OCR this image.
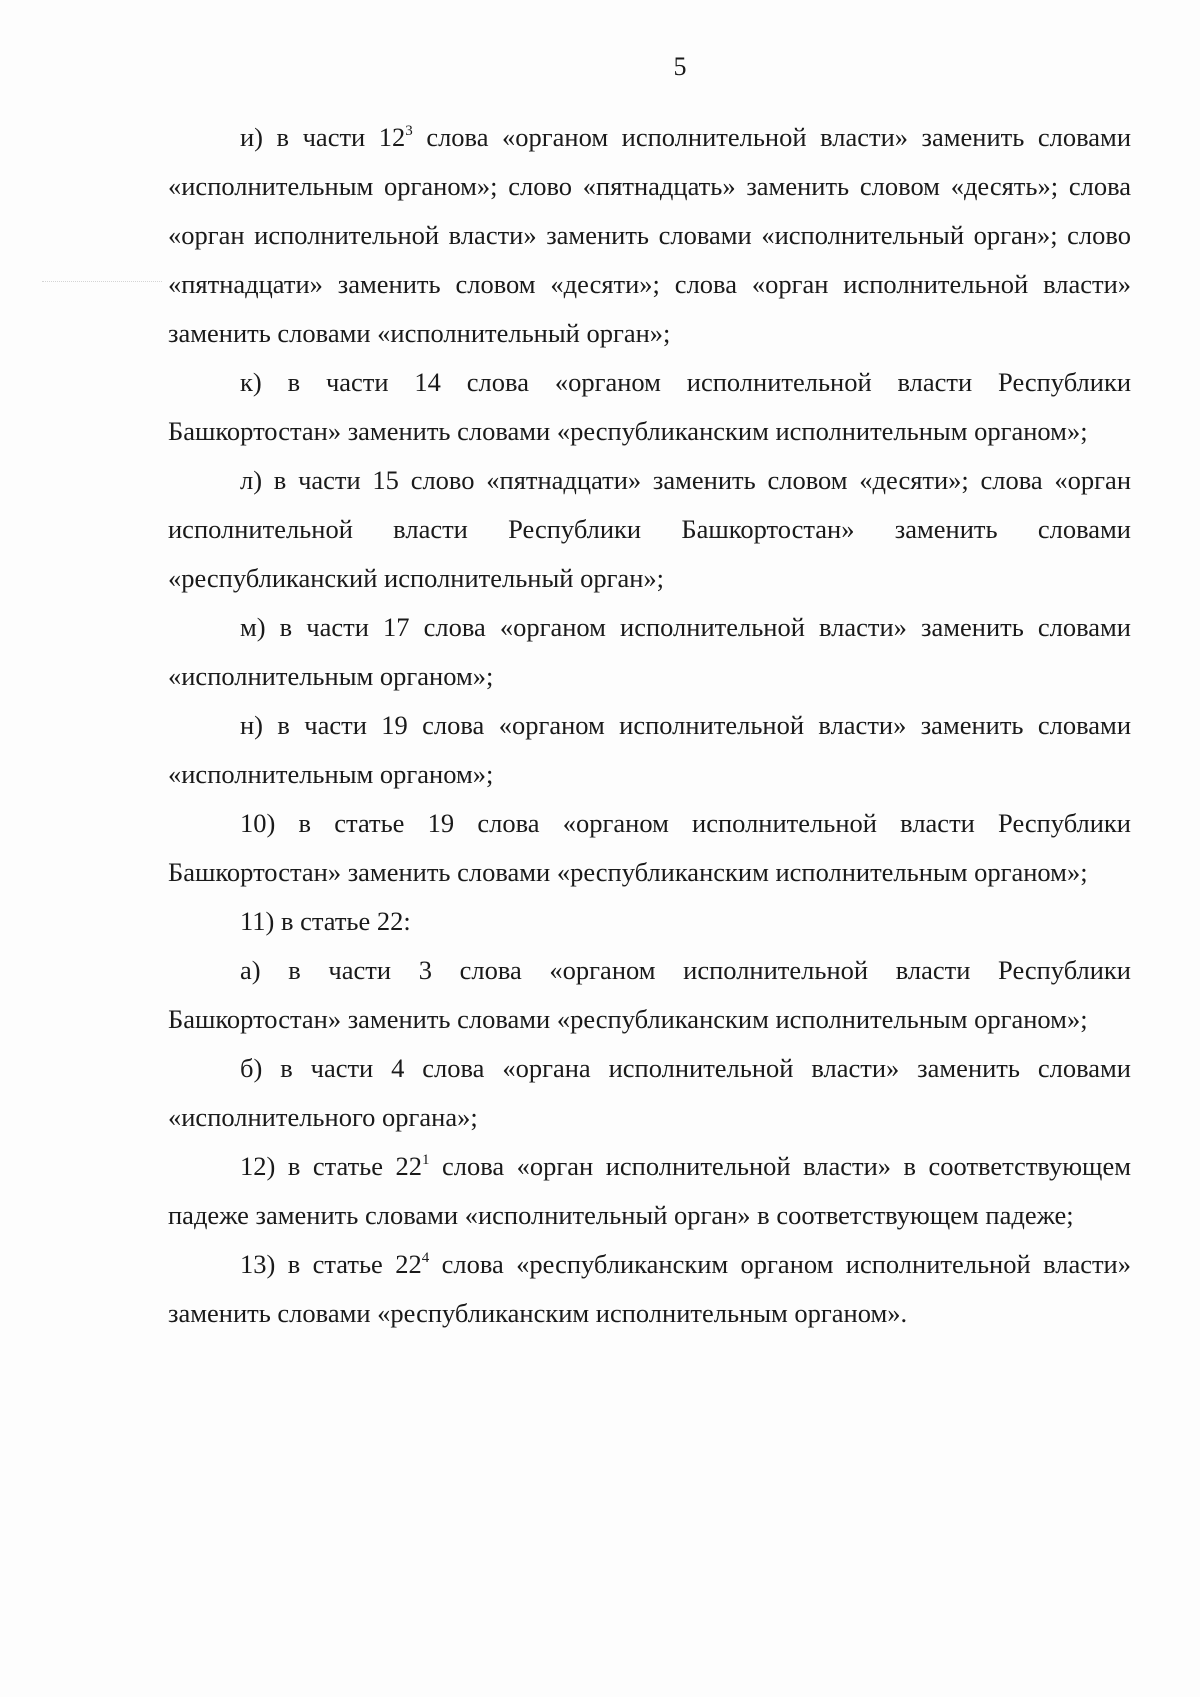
5

и) в части $12^3$ слова «органом исполнительной власти» заменить словами «исполнительным органом»; слово «пятнадцать» заменить словом «десять»; слова «орган исполнительной власти» заменить словами «исполнительный орган»; слово «пятнадцати» заменить словом «десяти»; слова «орган исполнительной власти» заменить словами «исполнительный орган»;

к) в части 14 слова «органом исполнительной власти Республики Башкортостан» заменить словами «республиканским исполнительным органом»;

л) в части 15 слово «пятнадцати» заменить словом «десяти»; слова «орган исполнительной власти Республики Башкортостан» заменить словами «республиканский исполнительный орган»;

м) в части 17 слова «органом исполнительной власти» заменить словами «исполнительным органом»;

н) в части 19 слова «органом исполнительной власти» заменить словами «исполнительным органом»;

10) в статье 19 слова «органом исполнительной власти Республики Башкортостан» заменить словами «республиканским исполнительным органом»;

11) в статье 22:

а) в части 3 слова «органом исполнительной власти Республики Башкортостан» заменить словами «республиканским исполнительным органом»;

б) в части 4 слова «органа исполнительной власти» заменить словами «исполнительного органа»;

12) в статье $22^1$ слова «орган исполнительной власти» в соответствующем падеже заменить словами «исполнительный орган» в соответствующем падеже;

13) в статье $22^4$ слова «республиканским органом исполнительной власти» заменить словами «республиканским исполнительным органом».
